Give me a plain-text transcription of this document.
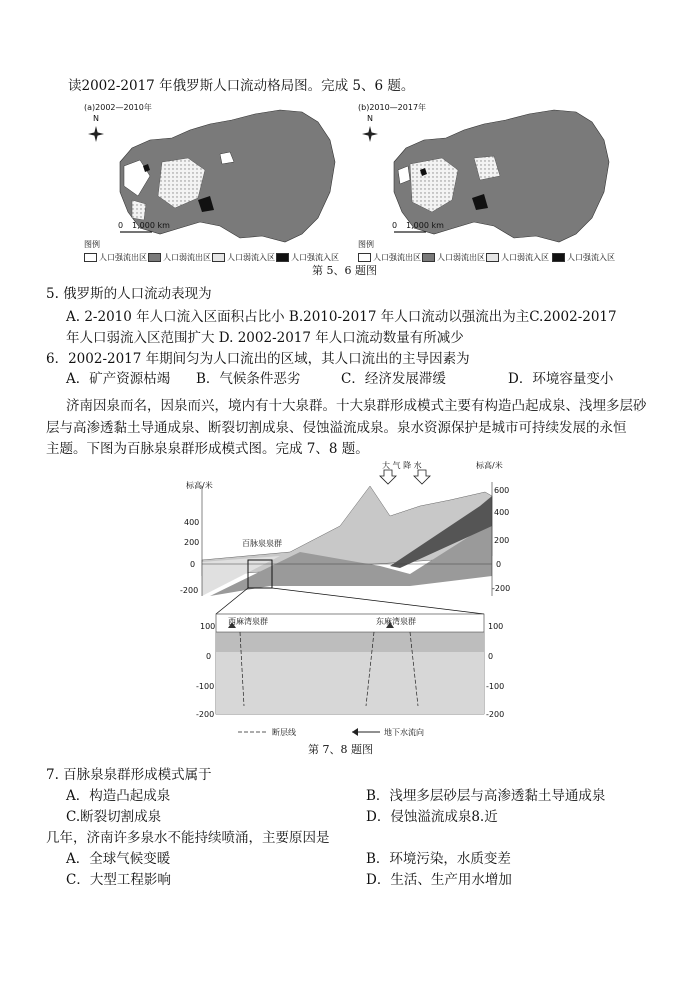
读2002-2017 年俄罗斯人口流动格局图。完成 5、6 题。
(a)2002—2010年	(b)2010—2017年
N	N
0 1,000 km	0 1,000 km
图例	图例
人口强流出区	人口弱流出区	人口弱流入区	人口强流入区	人口强流出区	人口弱流出区	人口弱流入区	人口强流入区
第 5、6 题图
5. 俄罗斯的人口流动表现为
A. 2-2010 年人口流入区面积占比小 B.2010-2017 年人口流动以强流出为主C.2002-2017
年人口弱流入区范围扩大 D. 2002-2017 年人口流动数量有所减少
6．2002-2017 年期间匀为人口流出的区域，其人口流出的主导因素为
A．矿产资源枯竭 B．气候条件恶劣	C．经济发展滞缓	D．环境容量变小
济南因泉而名，因泉而兴，境内有十大泉群。十大泉群形成模式主要有构造凸起成泉、浅埋多层砂
层与高渗透黏土导通成泉、断裂切割成泉、侵蚀溢流成泉。泉水资源保护是城市可持续发展的永恒
主题。下图为百脉泉泉群形成模式图。完成 7、8 题。
大 气 降 水
标高/米
标高/米
400
200
0
-200
600
400
200
0
-200
百脉泉泉群
西麻湾泉群	东麻湾泉群
100
0
-100
-200
100
0
-100
-200
断层线	地下水流向
第 7、8 题图
7. 百脉泉泉群形成模式属于
A．构造凸起成泉	B．浅埋多层砂层与高渗透黏土导通成泉
C.断裂切割成泉	D．侵蚀溢流成泉8.近
几年，济南许多泉水不能持续喷涌，主要原因是
A．全球气候变暖	B．环境污染，水质变差
C．大型工程影响	D．生活、生产用水增加
